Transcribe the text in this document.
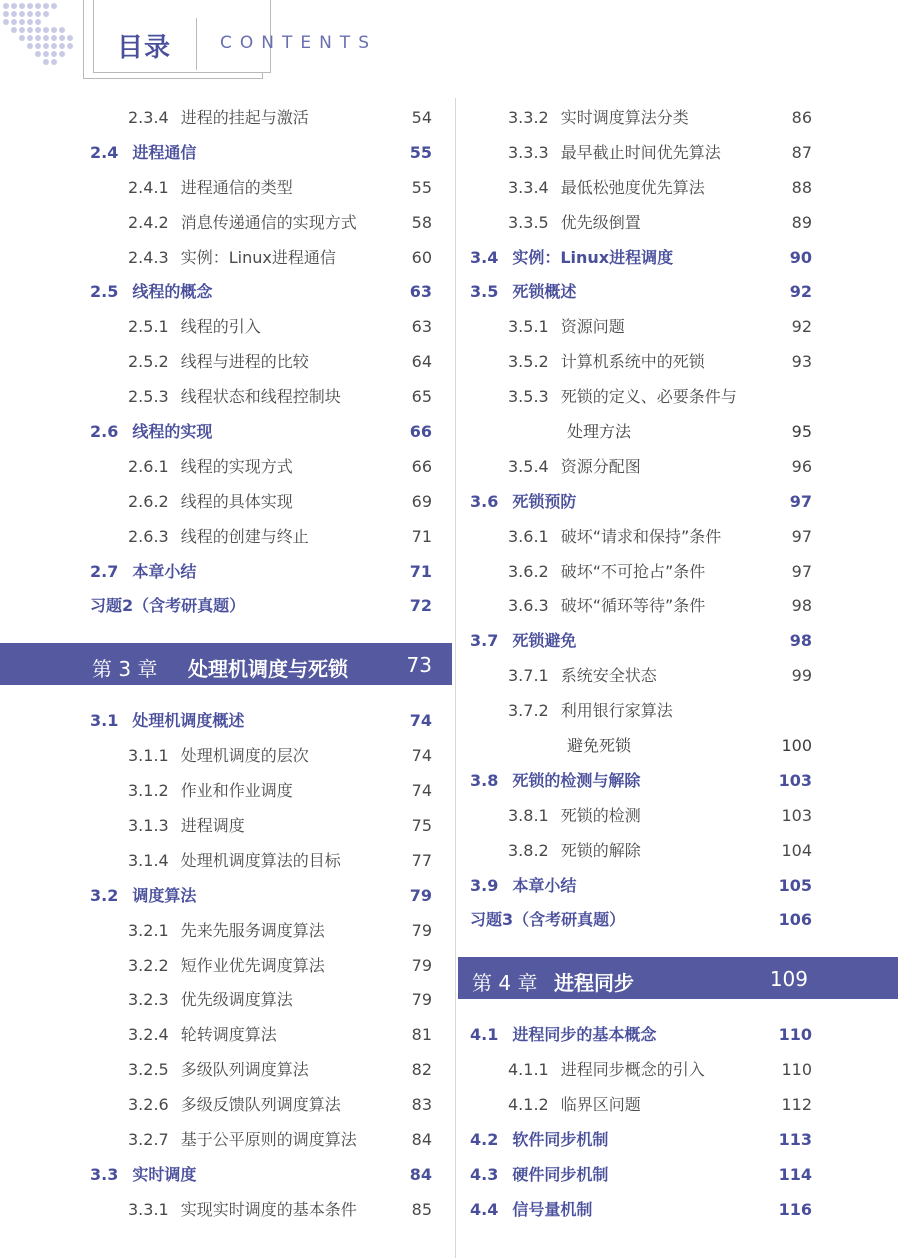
目录	CONTENTS
2.3.4 进程的挂起与激活	54
2.4 进程通信	55
2.4.1 进程通信的类型	55
2.4.2 消息传递通信的实现方式	58
2.4.3 实例：Linux进程通信	60
2.5 线程的概念	63
2.5.1 线程的引入	63
2.5.2 线程与进程的比较	64
2.5.3 线程状态和线程控制块	65
2.6 线程的实现	66
2.6.1 线程的实现方式	66
2.6.2 线程的具体实现	69
2.6.3 线程的创建与终止	71
2.7 本章小结	71
习题2（含考研真题）	72
第 3 章 处理机调度与死锁	73
3.1 处理机调度概述	74
3.1.1 处理机调度的层次	74
3.1.2 作业和作业调度	74
3.1.3 进程调度	75
3.1.4 处理机调度算法的目标	77
3.2 调度算法	79
3.2.1 先来先服务调度算法	79
3.2.2 短作业优先调度算法	79
3.2.3 优先级调度算法	79
3.2.4 轮转调度算法	81
3.2.5 多级队列调度算法	82
3.2.6 多级反馈队列调度算法	83
3.2.7 基于公平原则的调度算法	84
3.3 实时调度	84
3.3.1 实现实时调度的基本条件	85
3.3.2 实时调度算法分类	86
3.3.3 最早截止时间优先算法	87
3.3.4 最低松弛度优先算法	88
3.3.5 优先级倒置	89
3.4 实例：Linux进程调度	90
3.5 死锁概述	92
3.5.1 资源问题	92
3.5.2 计算机系统中的死锁	93
3.5.3 死锁的定义、必要条件与
处理方法	95
3.5.4 资源分配图	96
3.6 死锁预防	97
3.6.1 破坏“请求和保持”条件	97
3.6.2 破坏“不可抢占”条件	97
3.6.3 破坏“循环等待”条件	98
3.7 死锁避免	98
3.7.1 系统安全状态	99
3.7.2 利用银行家算法
避免死锁	100
3.8 死锁的检测与解除	103
3.8.1 死锁的检测	103
3.8.2 死锁的解除	104
3.9 本章小结	105
习题3（含考研真题）	106
第 4 章 进程同步	109
4.1 进程同步的基本概念	110
4.1.1 进程同步概念的引入	110
4.1.2 临界区问题	112
4.2 软件同步机制	113
4.3 硬件同步机制	114
4.4 信号量机制	116
